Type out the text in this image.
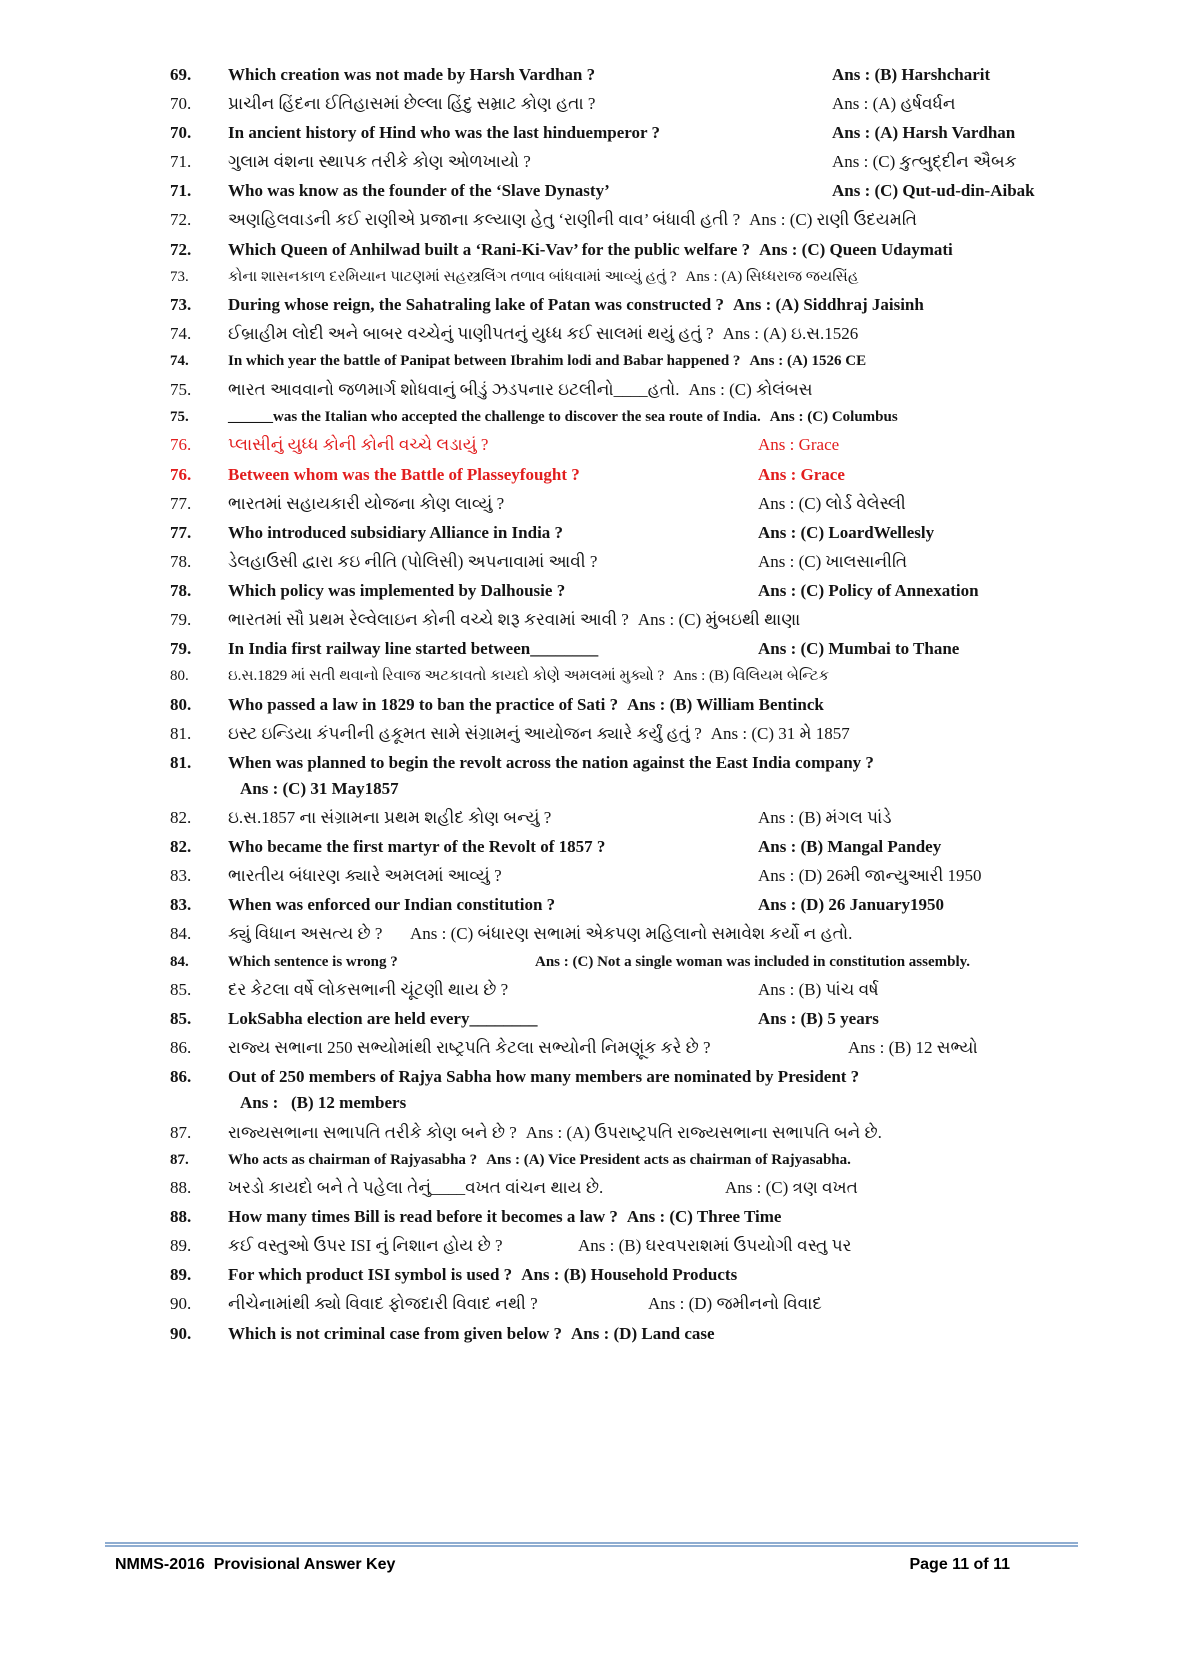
69.	Which creation was not made by Harsh Vardhan ?	Ans : (B) Harshcharit
70.	પ્રાચીન હિંદના ઈતિહાસમાં છેલ્લા હિંદુ સમ્રાટ કોણ હતા ?	Ans : (A) હર્ષવર્ધન
70.	In ancient history of Hind who was the last hinduemperor ?	Ans : (A) Harsh Vardhan
71.	ગુલામ વંશના સ્થાપક તરીકે કોણ ઓળખાયો ?	Ans : (C) કુત્બુદ્દીન ઐબક
71.	Who was know as the founder of the ‘Slave Dynasty’	Ans : (C) Qut-ud-din-Aibak
72.	અણહિલવાડની કઈ રાણીએ પ્રજાના કલ્યાણ હેતુ ‘રાણીની વાવ’ બંધાવી હતી ? Ans : (C) રાણી ઉદયમતિ
72.	Which Queen of Anhilwad built a ‘Rani-Ki-Vav’ for the public welfare ? Ans : (C) Queen Udaymati
73.	કોના શાસનકાળ દરમિયાન પાટણમાં સહસ્ત્રલિંગ તળાવ બાંધવામાં આવ્યું હતું ? Ans : (A) સિધ્ધરાજ જયસિંહ
73.	During whose reign, the Sahatraling lake of Patan was constructed ? Ans : (A) Siddhraj Jaisinh
74.	ઈબ્રાહીમ લોદી અને બાબર વચ્ચેનું પાણીપતનું યુધ્ધ કઈ સાલમાં થયું હતું ? Ans : (A) ઇ.સ.1526
74.	In which year the battle of Panipat between Ibrahim lodi and Babar happened ? Ans : (A) 1526 CE
75.	ભારત આવવાનો જળમાર્ગ શોધવાનું બીડું ઝડપનાર ઇટલીનો____હતો. Ans : (C) કોલંબસ
75.	______was the Italian who accepted the challenge to discover the sea route of India. Ans : (C) Columbus
76.	પ્લાસીનું યુધ્ધ કોની કોની વચ્ચે લડાયું ?	Ans : Grace
76.	Between whom was the Battle of Plasseyfought ?	Ans : Grace
77.	ભારતમાં સહાયકારી યોજના કોણ લાવ્યું ?	Ans : (C) લોર્ડ વેલેસ્લી
77.	Who introduced subsidiary Alliance in India ?	Ans : (C) LoardWellesly
78.	ડેલહાઉસી દ્વારા કઇ નીતિ (પોલિસી) અપનાવામાં આવી ?	Ans : (C) ખાલસાનીતિ
78.	Which policy was implemented by Dalhousie ?	Ans : (C) Policy of Annexation
79.	ભારતમાં સૌ પ્રથમ રેલ્વેલાઇન કોની વચ્ચે શરૂ કરવામાં આવી ? Ans : (C) મુંબઇથી થાણા
79.	In India first railway line started between________	Ans : (C) Mumbai to Thane
80.	ઇ.સ.1829 માં સતી થવાનો રિવાજ અટકાવતો કાયદો કોણે અમલમાં મુક્યો ? Ans : (B) વિલિયમ બેન્ટિક
80.	Who passed a law in 1829 to ban the practice of Sati ? Ans : (B) William Bentinck
81.	ઇસ્ટ ઇન્ડિયા કંપનીની હકૂમત સામે સંગ્રામનું આયોજન ક્યારે કર્યું હતું ? Ans : (C) 31 મે 1857
81.	When was planned to begin the revolt across the nation against the East India company ?
Ans : (C) 31 May1857
82.	ઇ.સ.1857 ના સંગ્રામના પ્રથમ શહીદ કોણ બન્યું ?	Ans : (B) મંગલ પાંડે
82.	Who became the first martyr of the Revolt of 1857 ?	Ans : (B) Mangal Pandey
83.	ભારતીય બંધારણ ક્યારે અમલમાં આવ્યું ?	Ans : (D) 26મી જાન્યુઆરી 1950
83.	When was enforced our Indian constitution ?	Ans : (D) 26 January1950
84.	ક્યું વિધાન અસત્ય છે ? Ans : (C) બંધારણ સભામાં એકપણ મહિલાનો સમાવેશ કર્યો ન હતો.
84.	Which sentence is wrong ?	Ans : (C) Not a single woman was included in constitution assembly.
85.	દર કેટલા વર્ષે લોકસભાની ચૂંટણી થાય છે ?	Ans : (B) પાંચ વર્ષ
85.	LokSabha election are held every________	Ans : (B) 5 years
86.	રાજ્ય સભાના 250 સભ્યોમાંથી રાષ્ટ્રપતિ કેટલા સભ્યોની નિમણૂંક કરે છે ?	Ans : (B) 12 સભ્યો
86.	Out of 250 members of Rajya Sabha how many members are nominated by President ?
Ans :   (B) 12 members
87.	રાજ્યસભાના સભાપતિ તરીકે કોણ બને છે ? Ans : (A) ઉપરાષ્ટ્રપતિ રાજ્યસભાના સભાપતિ બને છે.
87.	Who acts as chairman of Rajyasabha ? Ans : (A) Vice President acts as chairman of Rajyasabha.
88.	ખરડો કાયદો બને તે પહેલા તેનું____વખત વાંચન થાય છે.	Ans : (C) ત્રણ વખત
88.	How many times Bill is read before it becomes a law ? Ans : (C) Three Time
89.	કઈ વસ્તુઓ ઉપર ISI નું નિશાન હોય છે ?	Ans : (B) ઘરવપરાશમાં ઉપયોગી વસ્તુ પર
89.	For which product ISI symbol is used ? Ans : (B) Household Products
90.	નીચેનામાંથી ક્યો વિવાદ ફોજદારી વિવાદ નથી ?	Ans : (D) જમીનનો વિવાદ
90.	Which is not criminal case from given below ? Ans : (D) Land case
NMMS-2016  Provisional Answer Key	Page 11 of 11
